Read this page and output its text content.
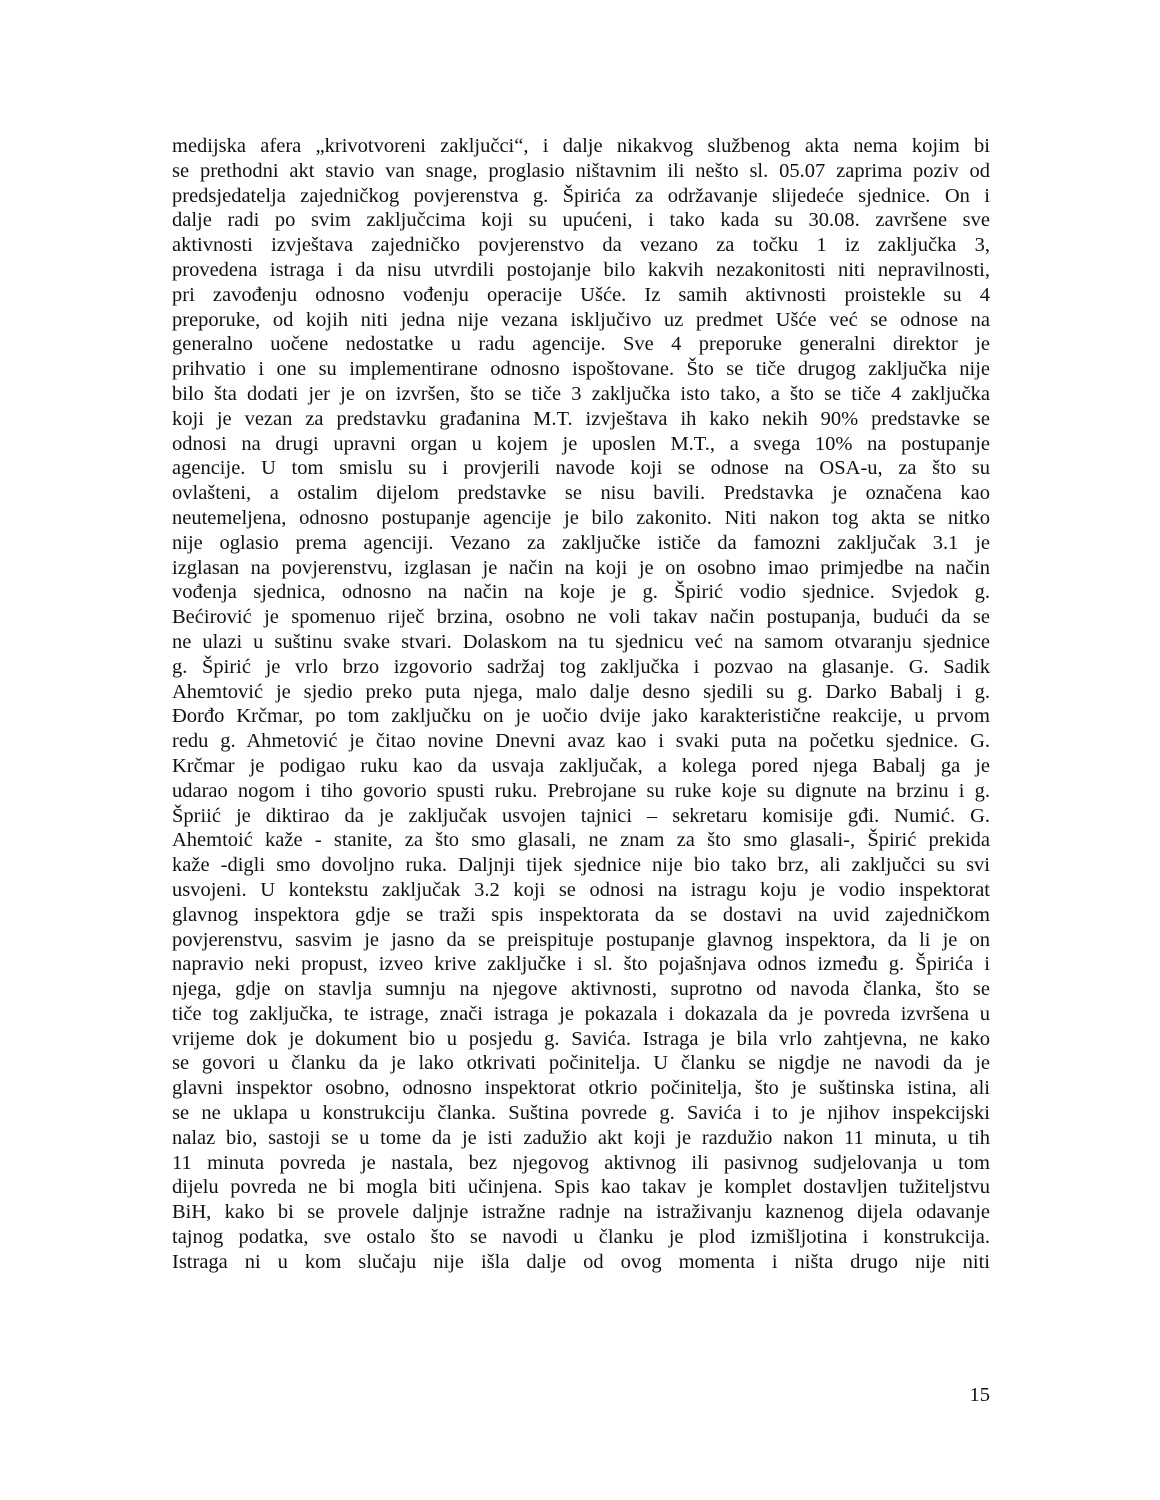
medijska afera „krivotvoreni zaključci“, i dalje nikakvog službenog akta nema kojim bi
se prethodni akt stavio van snage, proglasio ništavnim ili nešto sl. 05.07 zaprima poziv od
predsjedatelja zajedničkog povjerenstva g. Špirića za održavanje slijedeće sjednice. On i
dalje radi po svim zaključcima koji su upućeni, i tako kada su 30.08. završene sve
aktivnosti izvještava zajedničko povjerenstvo da vezano za točku 1 iz zaključka 3,
provedena istraga i da nisu utvrdili postojanje bilo kakvih nezakonitosti niti nepravilnosti,
pri zavođenju odnosno vođenju operacije Ušće. Iz samih aktivnosti proistekle su 4
preporuke, od kojih niti jedna nije vezana isključivo uz predmet Ušće već se odnose na
generalno uočene nedostatke u radu agencije. Sve 4 preporuke generalni direktor je
prihvatio i one su implementirane odnosno ispoštovane. Što se tiče drugog zaključka nije
bilo šta dodati jer je on izvršen, što se tiče 3 zaključka isto tako, a što se tiče 4 zaključka
koji je vezan za predstavku građanina M.T. izvještava ih kako nekih 90% predstavke se
odnosi na drugi upravni organ u kojem je uposlen M.T., a svega 10% na postupanje
agencije. U tom smislu su i provjerili navode koji se odnose na OSA-u, za što su
ovlašteni, a ostalim dijelom predstavke se nisu bavili. Predstavka je označena kao
neutemeljena, odnosno postupanje agencije je bilo zakonito. Niti nakon tog akta se nitko
nije oglasio prema agenciji. Vezano za zaključke ističe da famozni zaključak 3.1 je
izglasan na povjerenstvu, izglasan je način na koji je on osobno imao primjedbe na način
vođenja sjednica, odnosno na način na koje je g. Špirić vodio sjednice. Svjedok g.
Bećirović je spomenuo riječ brzina, osobno ne voli takav način postupanja, budući da se
ne ulazi u suštinu svake stvari. Dolaskom na tu sjednicu već na samom otvaranju sjednice
g. Špirić je vrlo brzo izgovorio sadržaj tog zaključka i pozvao na glasanje. G. Sadik
Ahemtović je sjedio preko puta njega, malo dalje desno sjedili su g. Darko Babalj i g.
Đorđo Krčmar, po tom zaključku on je uočio dvije jako karakteristične reakcije, u prvom
redu g. Ahmetović je čitao novine Dnevni avaz kao i svaki puta na početku sjednice. G.
Krčmar je podigao ruku kao da usvaja zaključak, a kolega pored njega Babalj ga je
udarao nogom i tiho govorio spusti ruku. Prebrojane su ruke koje su dignute na brzinu i g.
Špriić je diktirao da je zaključak usvojen tajnici – sekretaru komisije gđi. Numić. G.
Ahemtoić kaže - stanite, za što smo glasali, ne znam za što smo glasali-, Špirić prekida
kaže -digli smo dovoljno ruka. Daljnji tijek sjednice nije bio tako brz, ali zaključci su svi
usvojeni. U kontekstu zaključak 3.2 koji se odnosi na istragu koju je vodio inspektorat
glavnog inspektora gdje se traži spis inspektorata da se dostavi na uvid zajedničkom
povjerenstvu, sasvim je jasno da se preispituje postupanje glavnog inspektora, da li je on
napravio neki propust, izveo krive zaključke i sl. što pojašnjava odnos između g. Špirića i
njega, gdje on stavlja sumnju na njegove aktivnosti, suprotno od navoda članka, što se
tiče tog zaključka, te istrage, znači istraga je pokazala i dokazala da je povreda izvršena u
vrijeme dok je dokument bio u posjedu g. Savića. Istraga je bila vrlo zahtjevna, ne kako
se govori u članku da je lako otkrivati počinitelja. U članku se nigdje ne navodi da je
glavni inspektor osobno, odnosno inspektorat otkrio počinitelja, što je suštinska istina, ali
se ne uklapa u konstrukciju članka. Suština povrede g. Savića i to je njihov inspekcijski
nalaz bio, sastoji se u tome da je isti zadužio akt koji je razdužio nakon 11 minuta, u tih
11 minuta povreda je nastala, bez njegovog aktivnog ili pasivnog sudjelovanja u tom
dijelu povreda ne bi mogla biti učinjena. Spis kao takav je komplet dostavljen tužiteljstvu
BiH, kako bi se provele daljnje istražne radnje na istraživanju kaznenog dijela odavanje
tajnog podatka, sve ostalo što se navodi u članku je plod izmišljotina i konstrukcija.
Istraga ni u kom slučaju nije išla dalje od ovog momenta i ništa drugo nije niti
15
